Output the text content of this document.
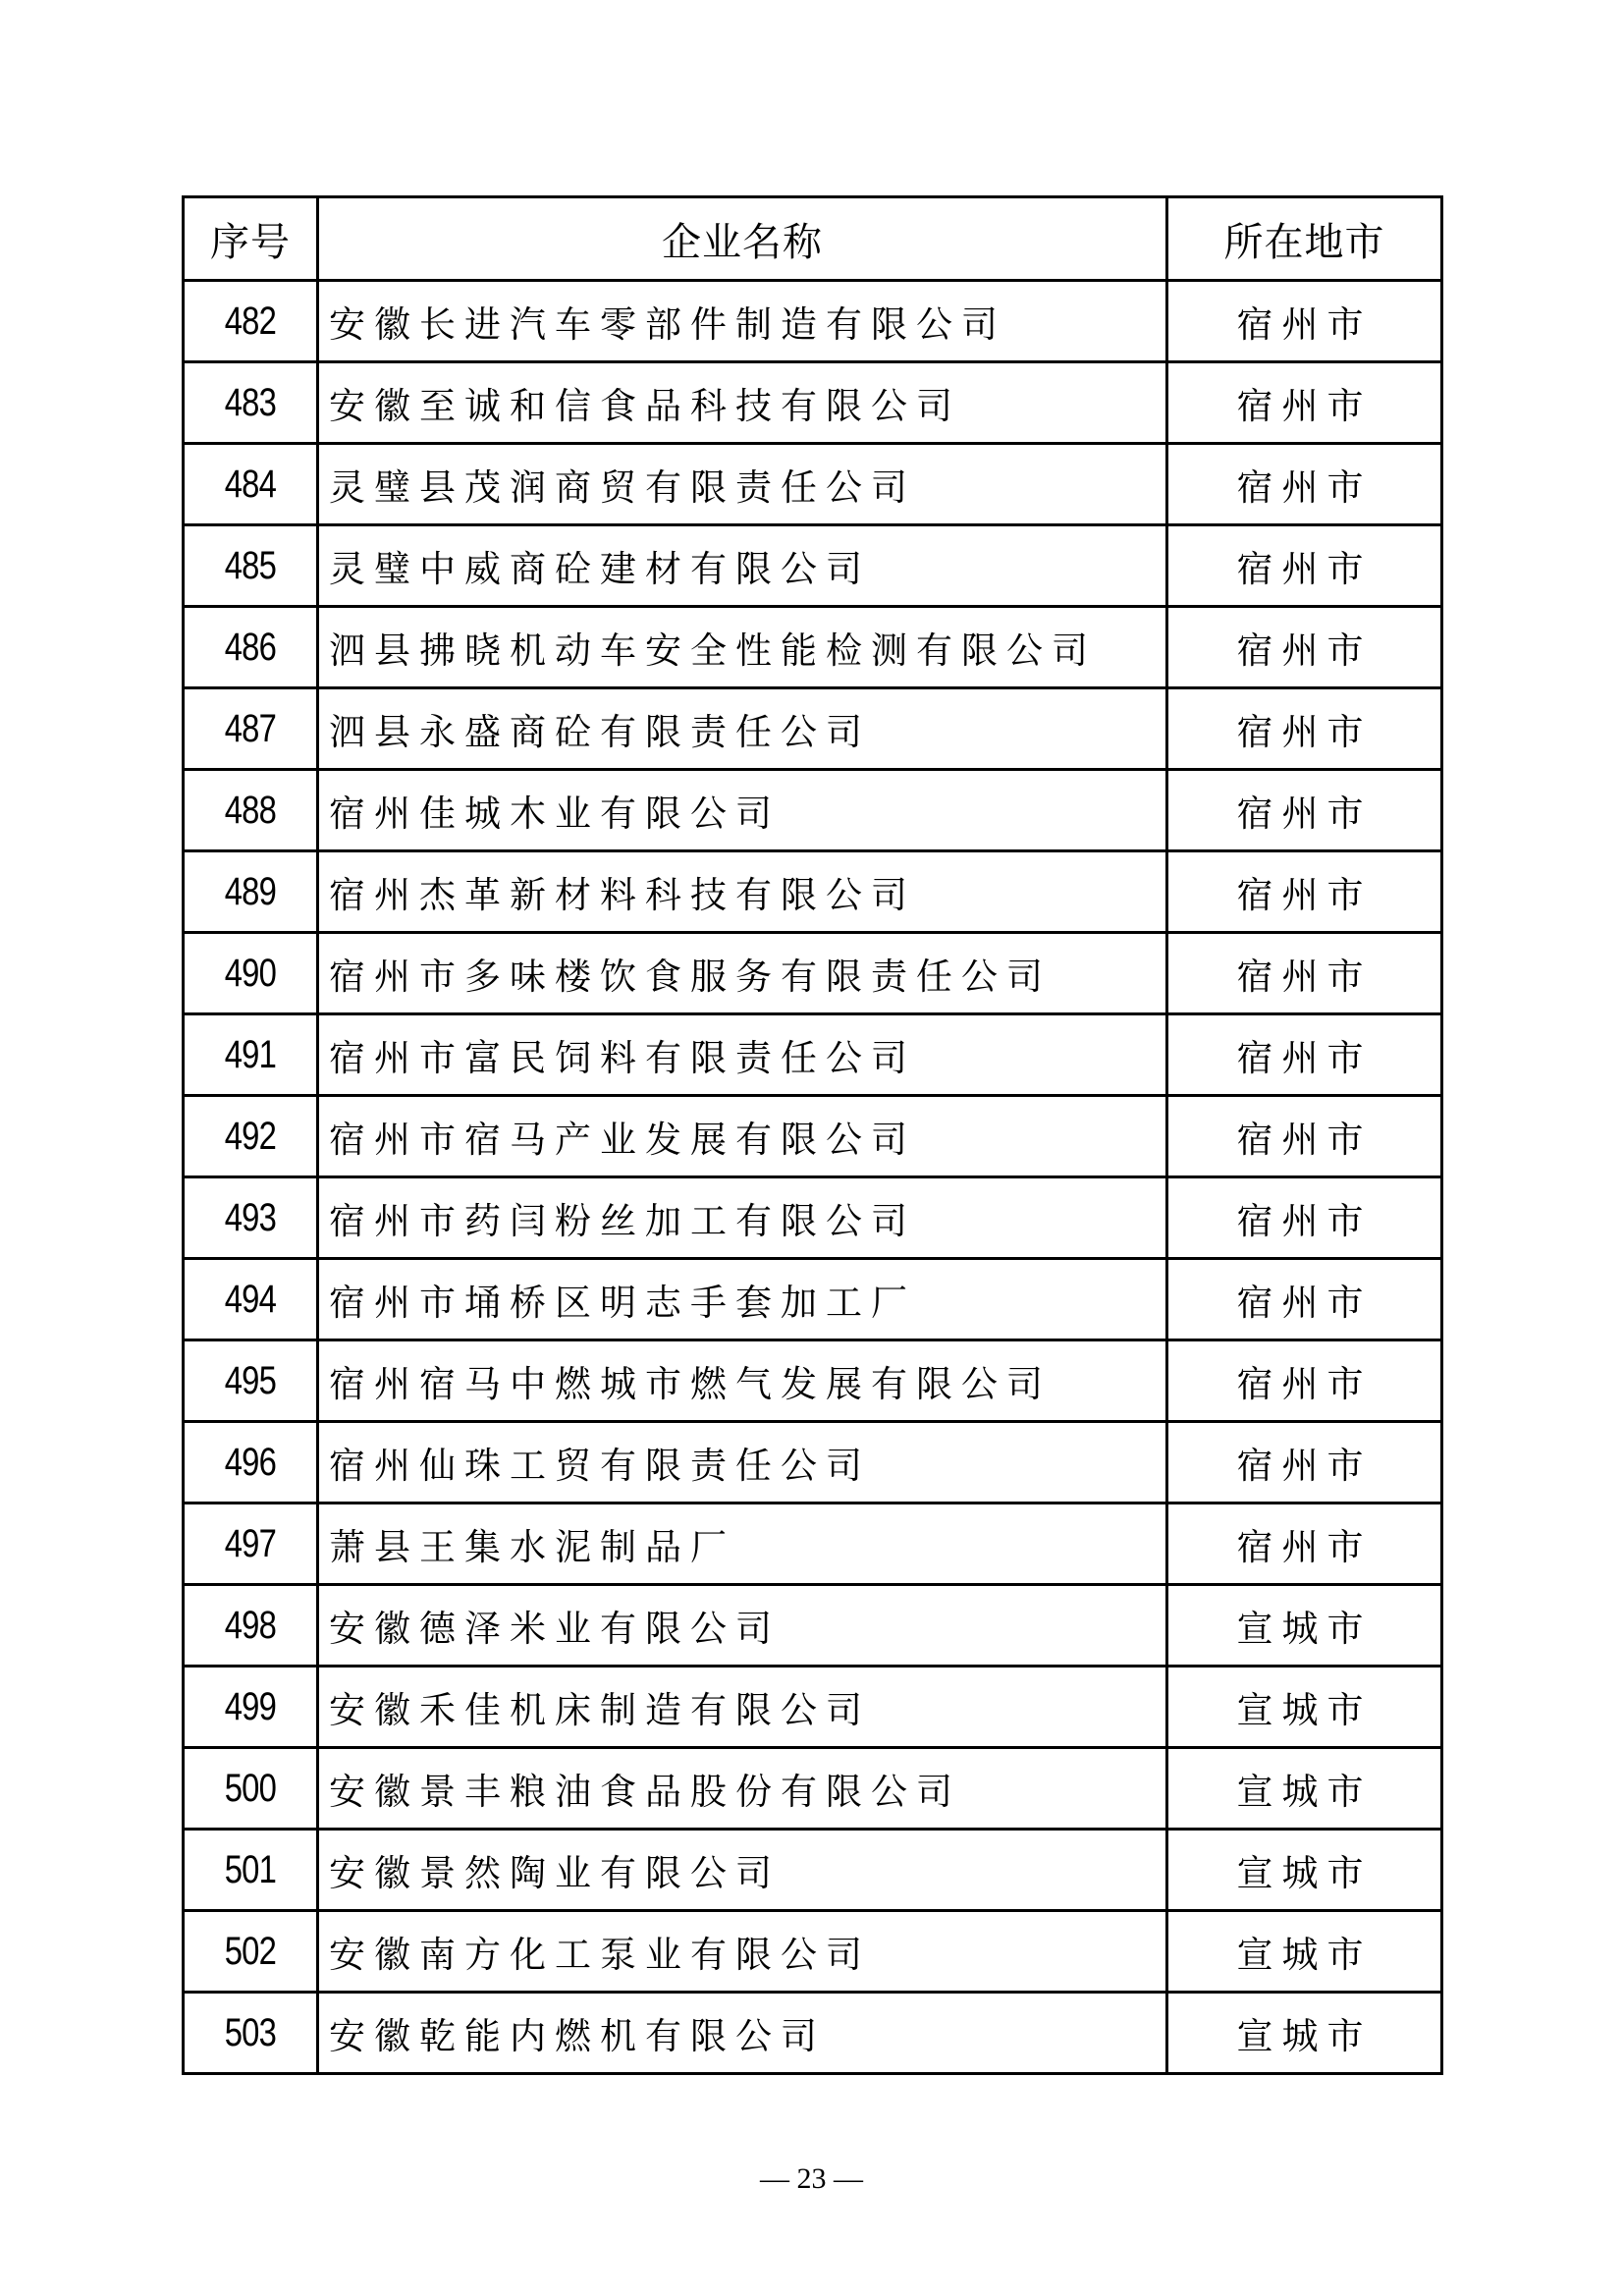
序号	企业名称	所在地市
482	安徽长进汽车零部件制造有限公司	宿州市
483	安徽至诚和信食品科技有限公司	宿州市
484	灵璧县茂润商贸有限责任公司	宿州市
485	灵璧中威商砼建材有限公司	宿州市
486	泗县拂晓机动车安全性能检测有限公司	宿州市
487	泗县永盛商砼有限责任公司	宿州市
488	宿州佳城木业有限公司	宿州市
489	宿州杰革新材料科技有限公司	宿州市
490	宿州市多味楼饮食服务有限责任公司	宿州市
491	宿州市富民饲料有限责任公司	宿州市
492	宿州市宿马产业发展有限公司	宿州市
493	宿州市药闫粉丝加工有限公司	宿州市
494	宿州市埇桥区明志手套加工厂	宿州市
495	宿州宿马中燃城市燃气发展有限公司	宿州市
496	宿州仙珠工贸有限责任公司	宿州市
497	萧县王集水泥制品厂	宿州市
498	安徽德泽米业有限公司	宣城市
499	安徽禾佳机床制造有限公司	宣城市
500	安徽景丰粮油食品股份有限公司	宣城市
501	安徽景然陶业有限公司	宣城市
502	安徽南方化工泵业有限公司	宣城市
503	安徽乾能内燃机有限公司	宣城市
— 23 —
